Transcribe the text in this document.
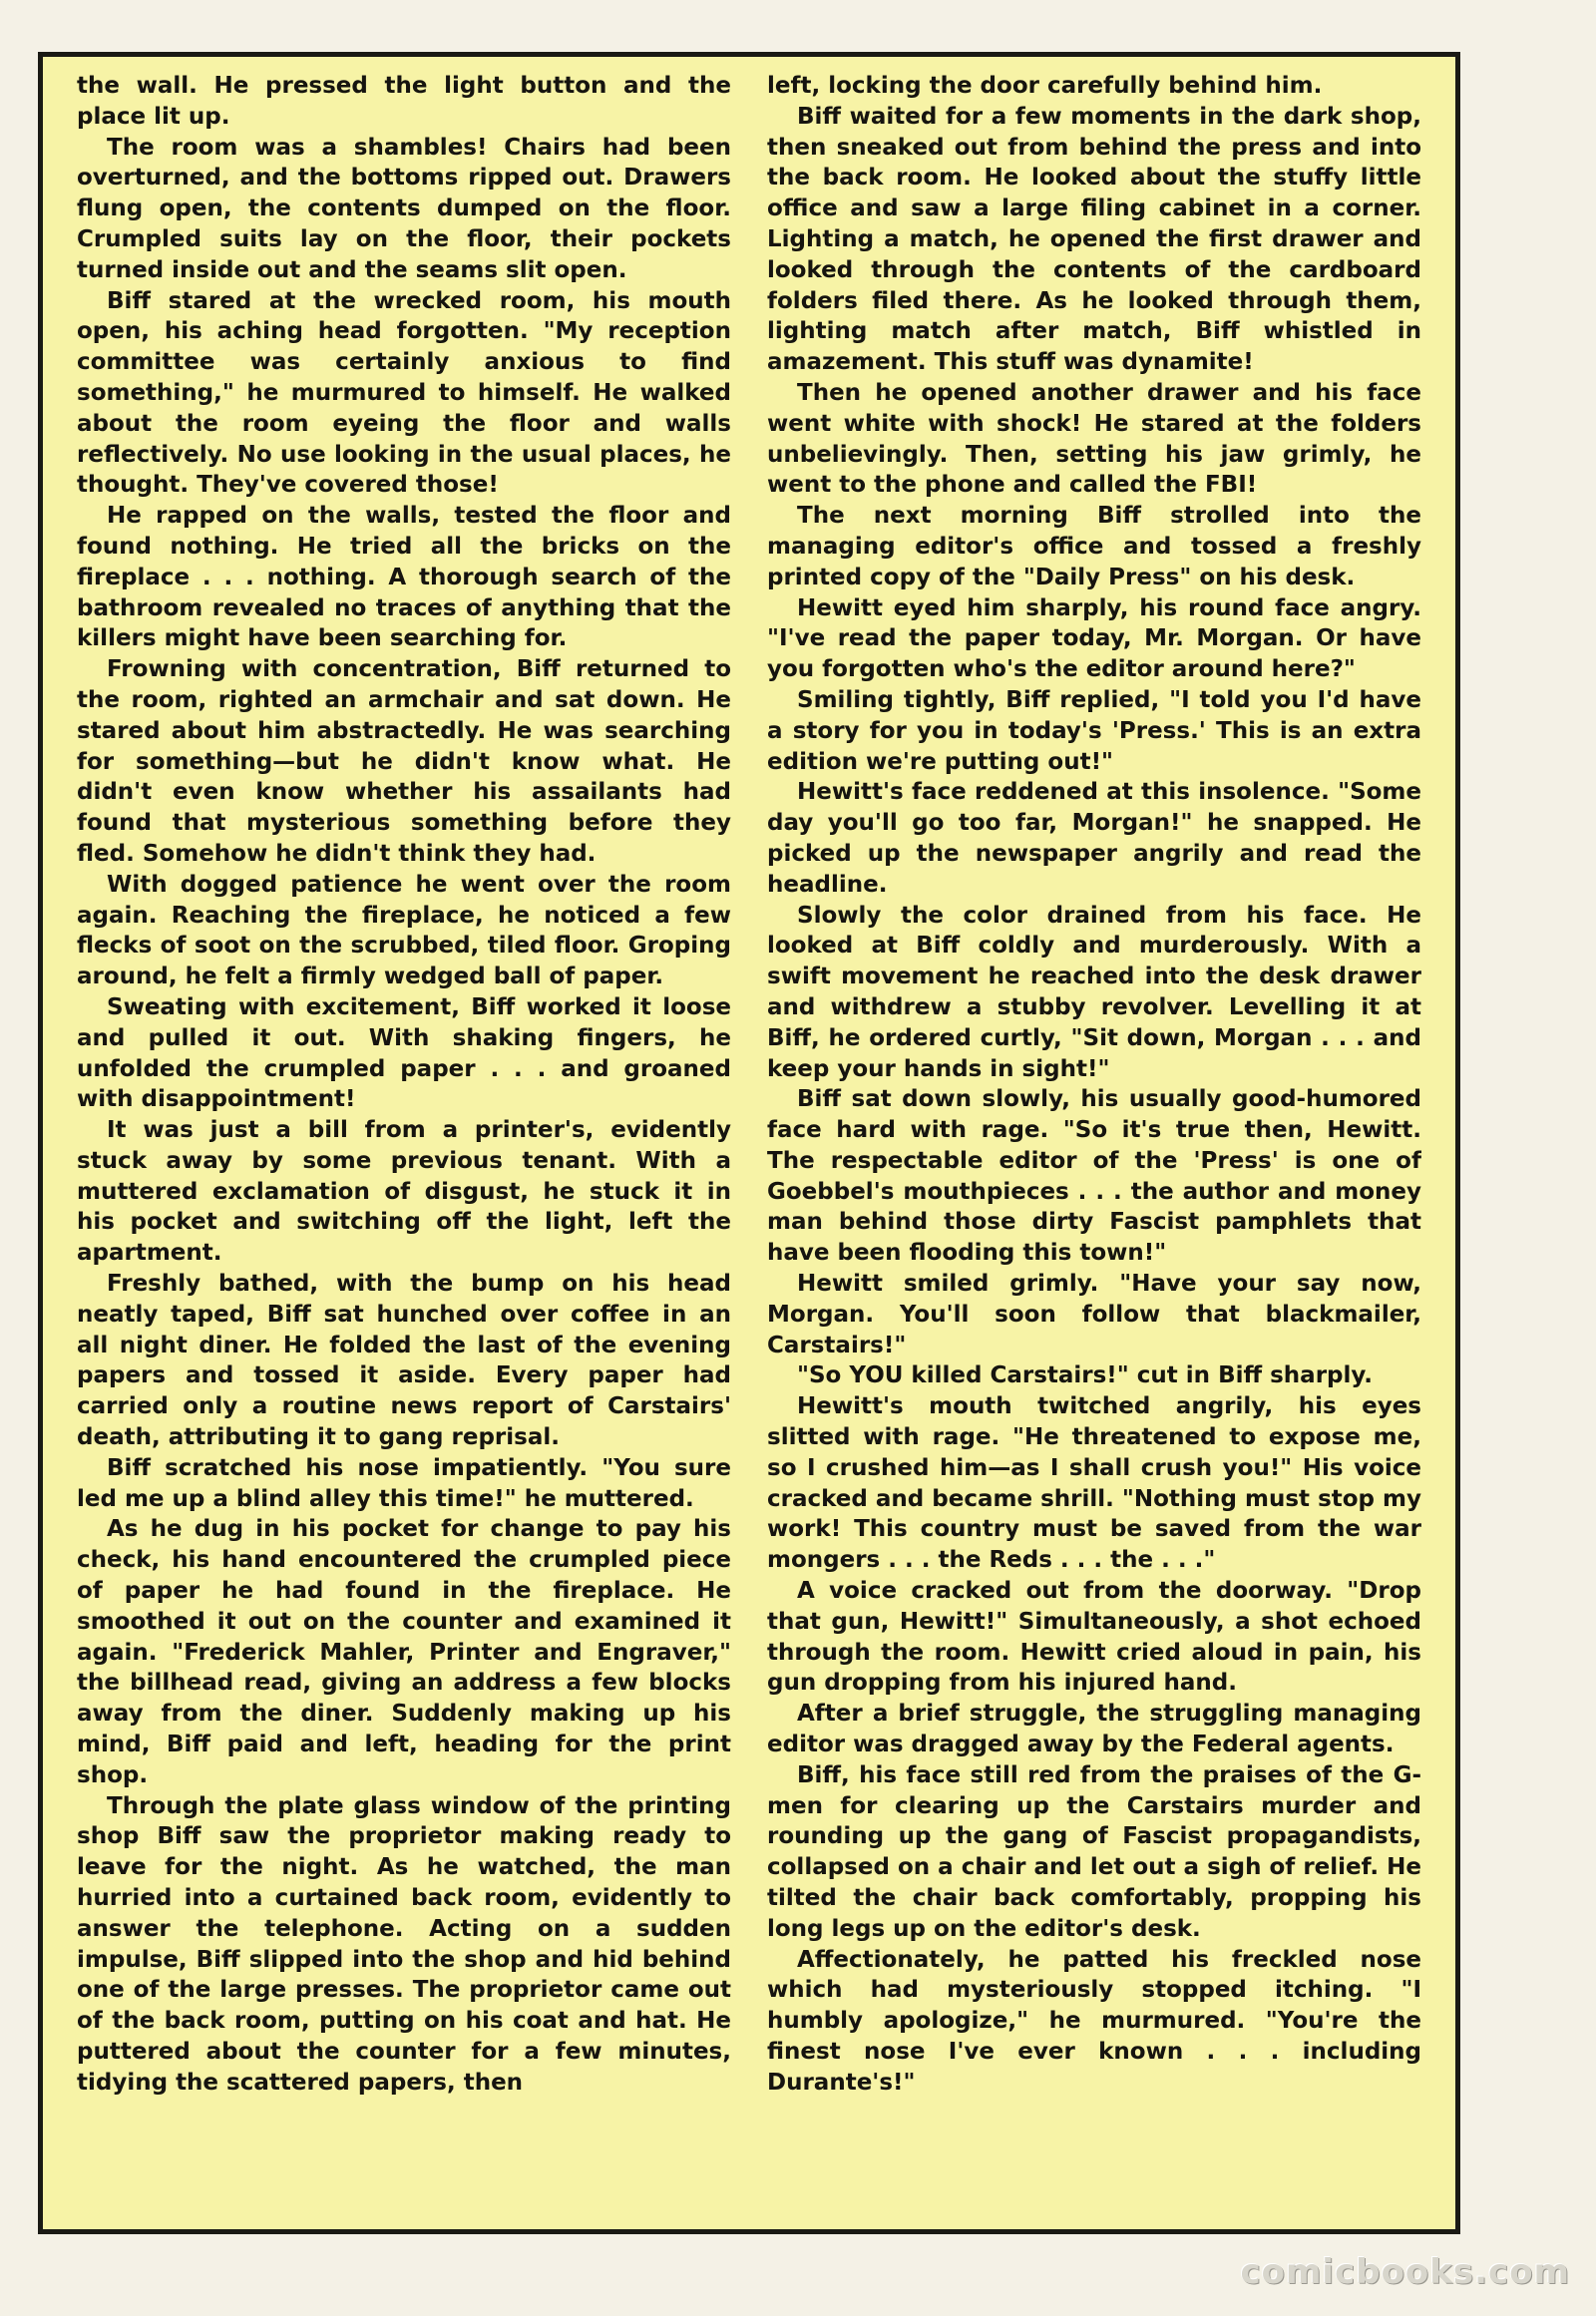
the wall. He pressed the light button and the place lit up.

The room was a shambles! Chairs had been overturned, and the bottoms ripped out. Drawers flung open, the contents dumped on the floor. Crumpled suits lay on the floor, their pockets turned inside out and the seams slit open.

Biff stared at the wrecked room, his mouth open, his aching head forgotten. "My reception committee was certainly anxious to find something," he murmured to himself. He walked about the room eyeing the floor and walls reflectively. No use looking in the usual places, he thought. They've covered those!

He rapped on the walls, tested the floor and found nothing. He tried all the bricks on the fireplace . . . nothing. A thorough search of the bathroom revealed no traces of anything that the killers might have been searching for.

Frowning with concentration, Biff returned to the room, righted an armchair and sat down. He stared about him abstractedly. He was searching for something—but he didn't know what. He didn't even know whether his assailants had found that mysterious something before they fled. Somehow he didn't think they had.

With dogged patience he went over the room again. Reaching the fireplace, he noticed a few flecks of soot on the scrubbed, tiled floor. Groping around, he felt a firmly wedged ball of paper.

Sweating with excitement, Biff worked it loose and pulled it out. With shaking fingers, he unfolded the crumpled paper . . . and groaned with disappointment!

It was just a bill from a printer's, evidently stuck away by some previous tenant. With a muttered exclamation of disgust, he stuck it in his pocket and switching off the light, left the apartment.

Freshly bathed, with the bump on his head neatly taped, Biff sat hunched over coffee in an all night diner. He folded the last of the evening papers and tossed it aside. Every paper had carried only a routine news report of Carstairs' death, attributing it to gang reprisal.

Biff scratched his nose impatiently. "You sure led me up a blind alley this time!" he muttered.

As he dug in his pocket for change to pay his check, his hand encountered the crumpled piece of paper he had found in the fireplace. He smoothed it out on the counter and examined it again. "Frederick Mahler, Printer and Engraver," the billhead read, giving an address a few blocks away from the diner. Suddenly making up his mind, Biff paid and left, heading for the print shop.

Through the plate glass window of the printing shop Biff saw the proprietor making ready to leave for the night. As he watched, the man hurried into a curtained back room, evidently to answer the telephone. Acting on a sudden impulse, Biff slipped into the shop and hid behind one of the large presses. The proprietor came out of the back room, putting on his coat and hat. He puttered about the counter for a few minutes, tidying the scattered papers, then

left, locking the door carefully behind him.

Biff waited for a few moments in the dark shop, then sneaked out from behind the press and into the back room. He looked about the stuffy little office and saw a large filing cabinet in a corner. Lighting a match, he opened the first drawer and looked through the contents of the cardboard folders filed there. As he looked through them, lighting match after match, Biff whistled in amazement. This stuff was dynamite!

Then he opened another drawer and his face went white with shock! He stared at the folders unbelievingly. Then, setting his jaw grimly, he went to the phone and called the FBI!

The next morning Biff strolled into the managing editor's office and tossed a freshly printed copy of the "Daily Press" on his desk.

Hewitt eyed him sharply, his round face angry. "I've read the paper today, Mr. Morgan. Or have you forgotten who's the editor around here?"

Smiling tightly, Biff replied, "I told you I'd have a story for you in today's 'Press.' This is an extra edition we're putting out!"

Hewitt's face reddened at this insolence. "Some day you'll go too far, Morgan!" he snapped. He picked up the newspaper angrily and read the headline.

Slowly the color drained from his face. He looked at Biff coldly and murderously. With a swift movement he reached into the desk drawer and withdrew a stubby revolver. Levelling it at Biff, he ordered curtly, "Sit down, Morgan . . . and keep your hands in sight!"

Biff sat down slowly, his usually good-humored face hard with rage. "So it's true then, Hewitt. The respectable editor of the 'Press' is one of Goebbel's mouthpieces . . . the author and money man behind those dirty Fascist pamphlets that have been flooding this town!"

Hewitt smiled grimly. "Have your say now, Morgan. You'll soon follow that blackmailer, Carstairs!"

"So YOU killed Carstairs!" cut in Biff sharply.

Hewitt's mouth twitched angrily, his eyes slitted with rage. "He threatened to expose me, so I crushed him—as I shall crush you!" His voice cracked and became shrill. "Nothing must stop my work! This country must be saved from the war mongers . . . the Reds . . . the . . ."

A voice cracked out from the doorway. "Drop that gun, Hewitt!" Simultaneously, a shot echoed through the room. Hewitt cried aloud in pain, his gun dropping from his injured hand.

After a brief struggle, the struggling managing editor was dragged away by the Federal agents.

Biff, his face still red from the praises of the G-men for clearing up the Carstairs murder and rounding up the gang of Fascist propagandists, collapsed on a chair and let out a sigh of relief. He tilted the chair back comfortably, propping his long legs up on the editor's desk.

Affectionately, he patted his freckled nose which had mysteriously stopped itching. "I humbly apologize," he murmured. "You're the finest nose I've ever known . . . including Durante's!"

comicbooks.com
